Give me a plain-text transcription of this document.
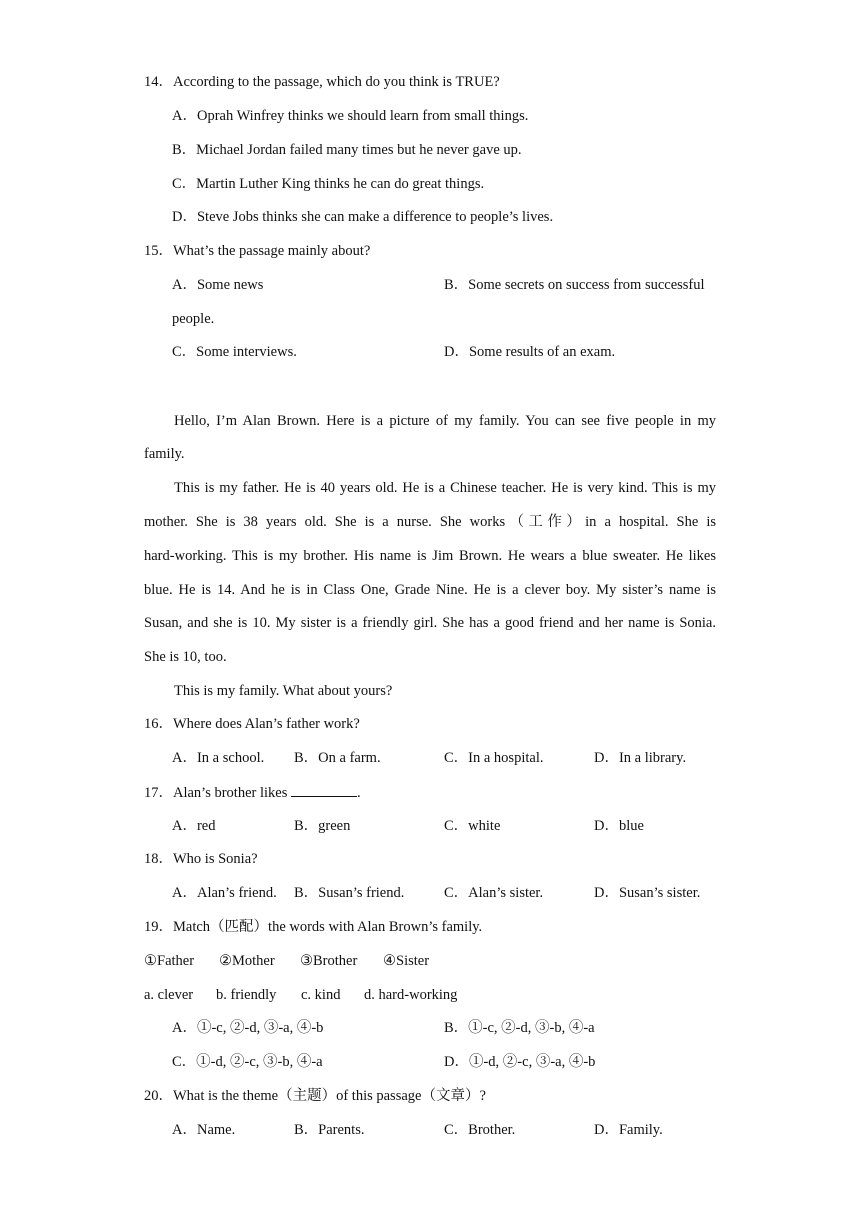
14．According to the passage, which do you think is TRUE?
A．Oprah Winfrey thinks we should learn from small things.
B．Michael Jordan failed many times but he never gave up.
C．Martin Luther King thinks he can do great things.
D．Steve Jobs thinks she can make a difference to people’s lives.
15．What’s the passage mainly about?
A．Some news	B．Some secrets on success from successful
people.
C．Some interviews.	D．Some results of an exam.
Hello, I’m Alan Brown. Here is a picture of my family. You can see five people in my
family.
This is my father. He is 40 years old. He is a Chinese teacher. He is very kind. This is my
mother. She is 38 years old. She is a nurse. She works（工作）in a hospital. She is
hard-working. This is my brother. His name is Jim Brown. He wears a blue sweater. He likes
blue. He is 14. And he is in Class One, Grade Nine. He is a clever boy. My sister’s name is
Susan, and she is 10. My sister is a friendly girl. She has a good friend and her name is Sonia.
She is 10, too.
This is my family. What about yours?
16．Where does Alan’s father work?
A．In a school. B．On a farm.	C．In a hospital.	D．In a library.
17．Alan’s brother likes	.
A．red	B．green	C．white	D．blue
18．Who is Sonia?
A．Alan’s friend. B．Susan’s friend.	C．Alan’s sister.	D．Susan’s sister.
19．Match（匹配）the words with Alan Brown’s family.
①Father ②Mother ③Brother ④Sister
a. clever b. friendly c. kind d. hard-working
A．①-c, ②-d, ③-a, ④-b	B．①-c, ②-d, ③-b, ④-a
C．①-d, ②-c, ③-b, ④-a	D．①-d, ②-c, ③-a, ④-b
20．What is the theme（主题）of this passage（文章）?
A．Name.	B．Parents.	C．Brother.	D．Family.
